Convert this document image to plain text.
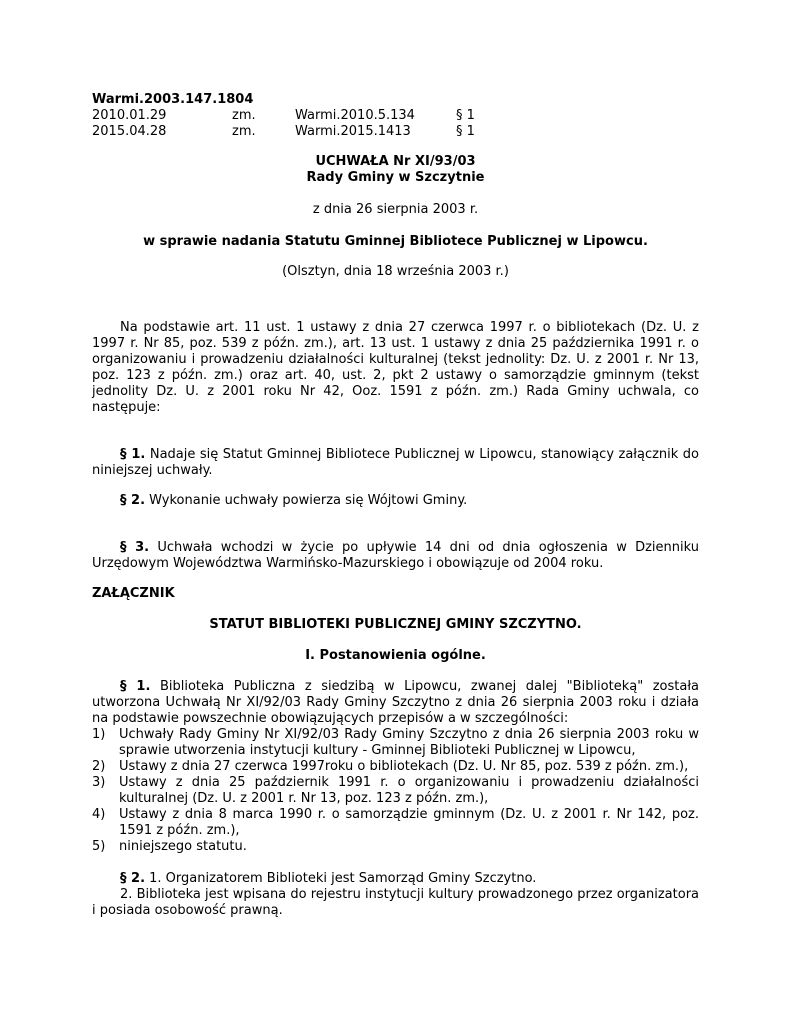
Warmi.2003.147.1804
2010.01.29	zm.	Warmi.2010.5.134	§ 1
2015.04.28	zm.	Warmi.2015.1413	§ 1
UCHWAŁA Nr XI/93/03
Rady Gminy w Szczytnie
z dnia 26 sierpnia 2003 r.
w sprawie nadania Statutu Gminnej Bibliotece Publicznej w Lipowcu.
(Olsztyn, dnia 18 września 2003 r.)
Na podstawie art. 11 ust. 1 ustawy z dnia 27 czerwca 1997 r. o bibliotekach (Dz. U. z 1997 r. Nr 85, poz. 539 z późn. zm.), art. 13 ust. 1 ustawy z dnia 25 października 1991 r. o organizowaniu i prowadzeniu działalności kulturalnej (tekst jednolity: Dz. U. z 2001 r. Nr 13, poz. 123 z późn. zm.) oraz art. 40, ust. 2, pkt 2 ustawy o samorządzie gminnym (tekst jednolity Dz. U. z 2001 roku Nr 42, Ooz. 1591 z późn. zm.) Rada Gminy uchwala, co następuje:
§ 1. Nadaje się Statut Gminnej Bibliotece Publicznej w Lipowcu, stanowiący załącznik do niniejszej uchwały.
§ 2. Wykonanie uchwały powierza się Wójtowi Gminy.
§ 3. Uchwała wchodzi w życie po upływie 14 dni od dnia ogłoszenia w Dzienniku Urzędowym Województwa Warmińsko-Mazurskiego i obowiązuje od 2004 roku.
ZAŁĄCZNIK
STATUT BIBLIOTEKI PUBLICZNEJ GMINY SZCZYTNO.
I. Postanowienia ogólne.
§ 1. Biblioteka Publiczna z siedzibą w Lipowcu, zwanej dalej "Biblioteką" została utworzona Uchwałą Nr XI/92/03 Rady Gminy Szczytno z dnia 26 sierpnia 2003 roku i działa na podstawie powszechnie obowiązujących przepisów a w szczególności:
1)	Uchwały Rady Gminy Nr XI/92/03 Rady Gminy Szczytno z dnia 26 sierpnia 2003 roku w sprawie utworzenia instytucji kultury - Gminnej Biblioteki Publicznej w Lipowcu,
2)	Ustawy z dnia 27 czerwca 1997roku o bibliotekach (Dz. U. Nr 85, poz. 539 z późn. zm.),
3)	Ustawy z dnia 25 październik 1991 r. o organizowaniu i prowadzeniu działalności kulturalnej (Dz. U. z 2001 r. Nr 13, poz. 123 z późn. zm.),
4)	Ustawy z dnia 8 marca 1990 r. o samorządzie gminnym (Dz. U. z 2001 r. Nr 142, poz. 1591 z późn. zm.),
5)	niniejszego statutu.
§ 2. 1. Organizatorem Biblioteki jest Samorząd Gminy Szczytno.
2. Biblioteka jest wpisana do rejestru instytucji kultury prowadzonego przez organizatora i posiada osobowość prawną.
